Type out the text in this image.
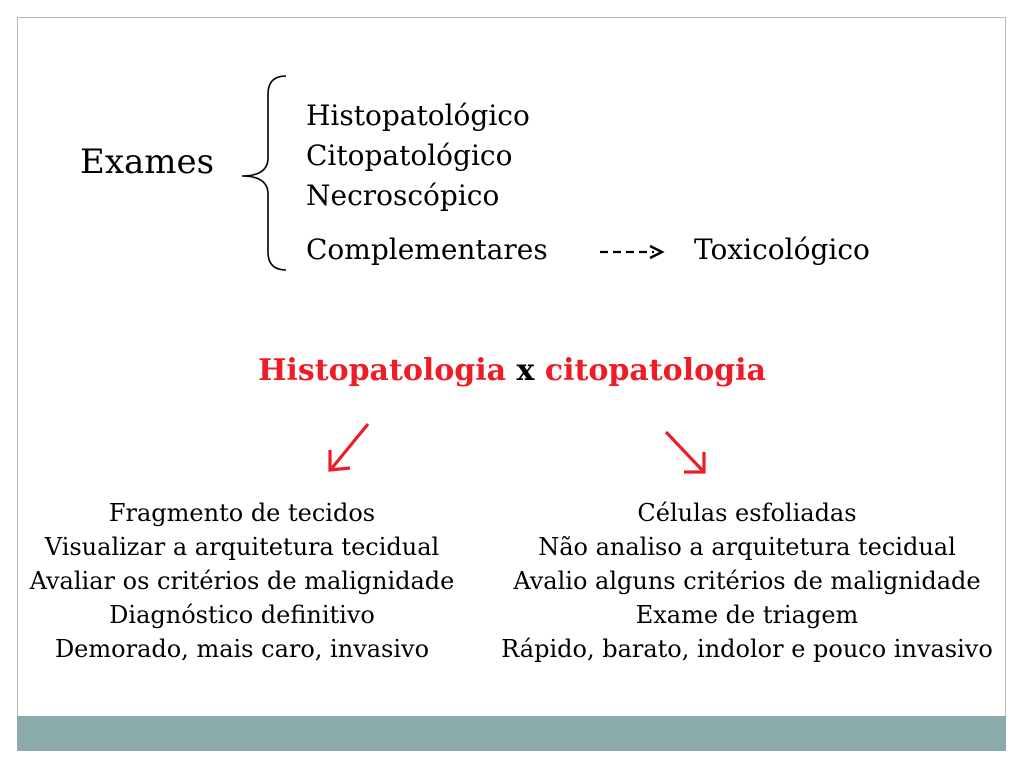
Exames
Histopatológico
Citopatológico
Necroscópico
Complementares	Toxicológico
Histopatologia x citopatologia
Fragmento de tecidos
Visualizar a arquitetura tecidual
Avaliar os critérios de malignidade
Diagnóstico definitivo
Demorado, mais caro, invasivo
Células esfoliadas
Não analiso a arquitetura tecidual
Avalio alguns critérios de malignidade
Exame de triagem
Rápido, barato, indolor e pouco invasivo
